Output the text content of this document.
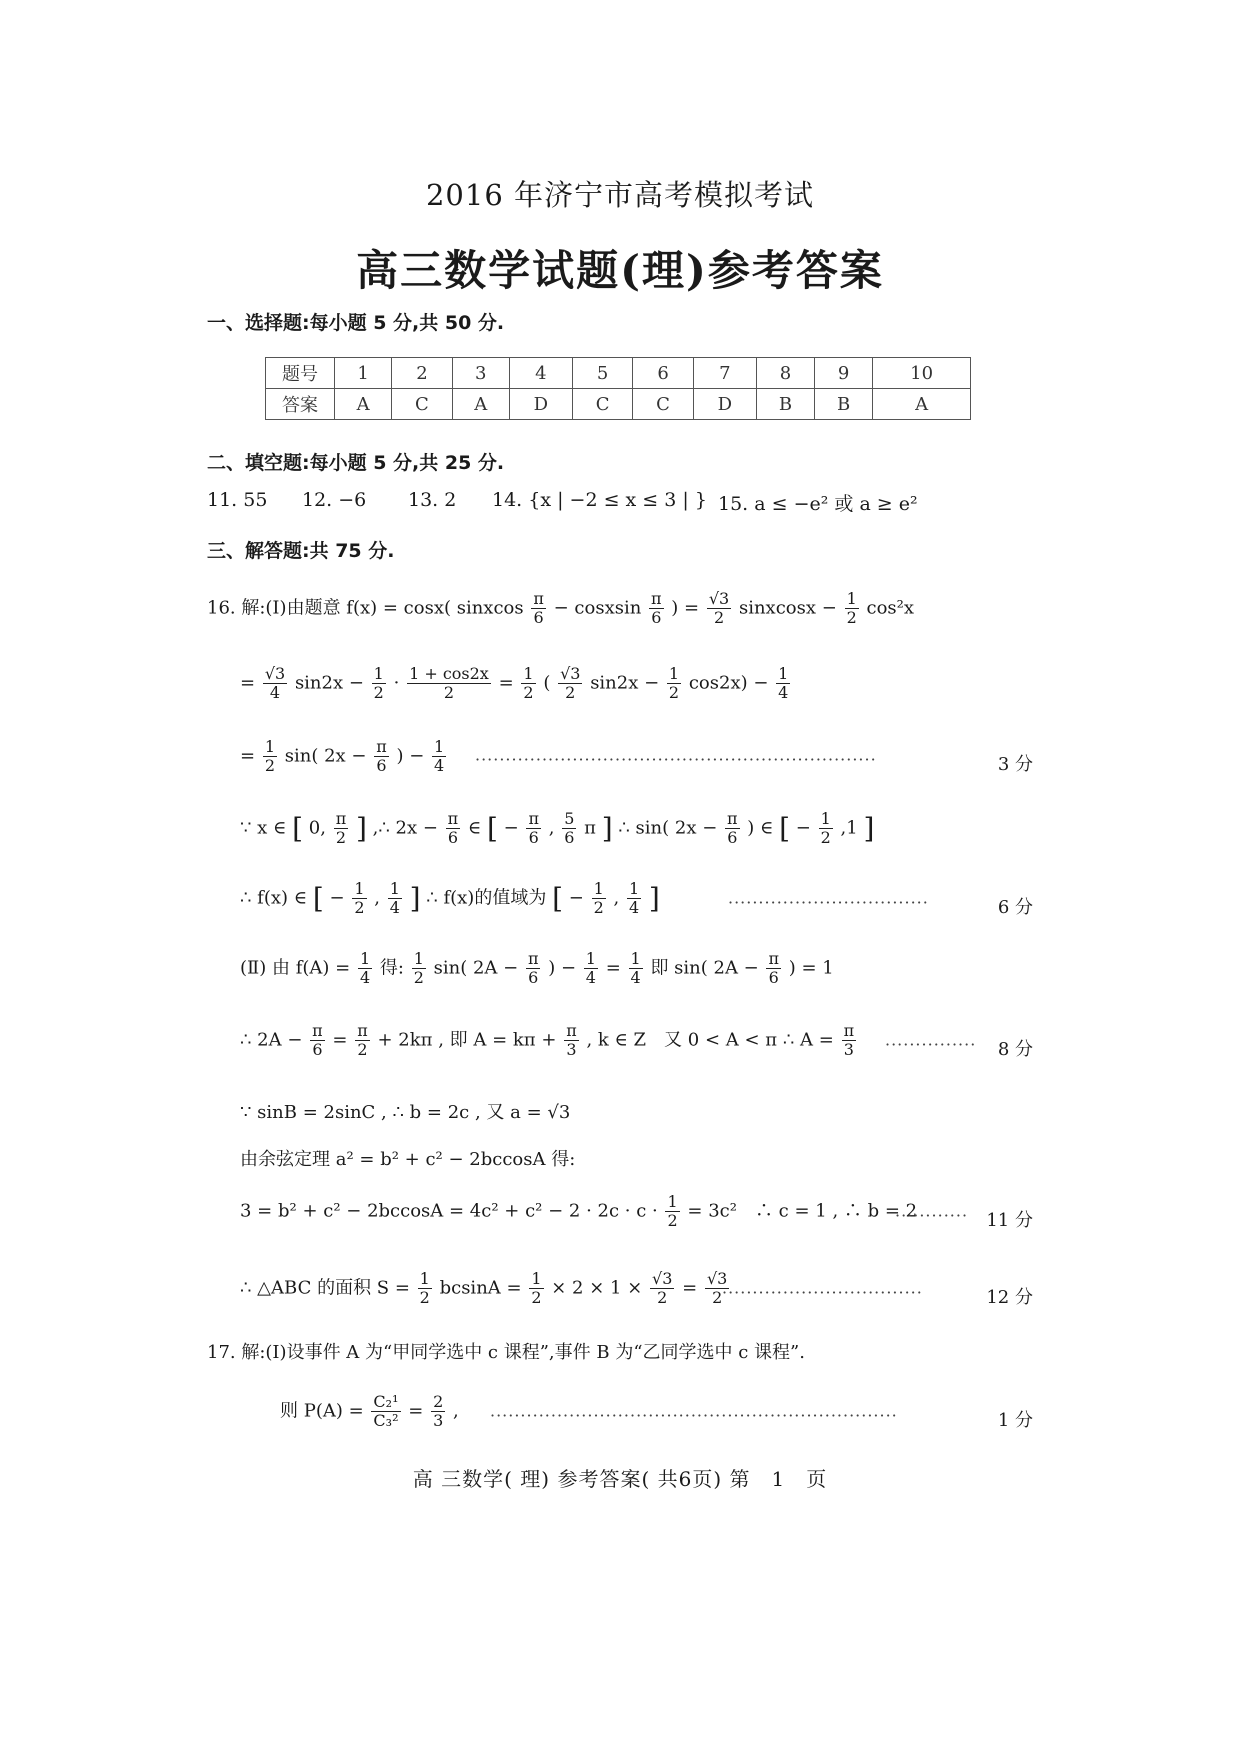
2016 年济宁市高考模拟考试
高三数学试题(理)参考答案
一、选择题:每小题 5 分,共 50 分.
题号	1	2	3	4	5	6	7	8	9	10
答案	A	C	A	D	C	C	D	B	B	A
二、填空题:每小题 5 分,共 25 分.
11. 55 12. −6 13. 2 14. {x | −2 ≤ x ≤ 3 | } 15. a ≤ −e² 或 a ≥ e²
三、解答题:共 75 分.
16. 解:(Ⅰ)由题意 f(x) = cosx( sinxcos $\frac{\pi}{6}$ − cosxsin $\frac{\pi}{6}$ ) = $\frac{√3}{2}$ sinxcosx − $\frac{1}{2} \cos^2x$
= $\frac{√3}{4} \sin 2x - \frac{1}{2} \cdot \frac{1 + \cos 2x}{2} = \frac{1}{2}$ ( $\frac{√3}{2} \sin 2x - \frac{1}{2} \cos 2x) - \frac{1}{4}$
= $\frac{1}{2} \sin$( $2x - \frac{\pi}{6}$ ) − $\frac{1}{4}$ ··································································	3 分
∵ x ∈ [ 0, $\frac{\pi}{2}$ ] ,∴ $2x - \frac{\pi}{6}$ ∈ [ − $\frac{\pi}{6}$ , $\frac{5}{6}$ π ] ∴ sin( $2x - \frac{\pi}{6}$ ) ∈ [ − $\frac{1}{2} ,1$ ]
∴ f(x) ∈ [ − $\frac{1}{2}$ , $\frac{1}{4}$ ] ∴ f(x)的值域为 [ − $\frac{1}{2}$ , $\frac{1}{4}$ ]	·································	6 分
(Ⅱ) 由 $f(A) = \frac{1}{4}$ 得: $\frac{1}{2} \sin$( $2A - \frac{\pi}{6}$ ) − $\frac{1}{4} = \frac{1}{4}$ 即 sin( $2A - \frac{\pi}{6}$ ) = 1
∴ $2A - \frac{\pi}{6} = \frac{\pi}{2} + 2k\pi$ , 即 $A = k\pi + \frac{\pi}{3}$ , k ∈ Z　又 0 < A < π ∴ $A = \frac{\pi}{3}$ ··············· 8 分
∵ sinB = 2sinC , ∴ b = 2c , 又 a = √3
由余弦定理 a² = b² + c² − 2bccosA 得:
$3 = b^2 + c^2 - 2bccosA = 4c^2 + c^2 - 2 \cdot 2c \cdot c \cdot \frac{1}{2} = 3c^2$　∴ c = 1 , ∴ b = 2
············ 11 分
∴ △ABC 的面积 $S = \frac{1}{2}$ $bcsinA = \frac{1}{2} \times 2 \times 1 \times \frac{√3}{2} = \frac{√3}{2}$
·································	12 分
17. 解:(Ⅰ)设事件 A 为“甲同学选中 c 课程”,事件 B 为“乙同学选中 c 课程”.
则 $P(A) = \frac{\text{C₂¹}}{\text{C₃²}} = \frac{2}{3}$ , ···································································	1 分
高 三数学( 理) 参考答案( 共6页) 第　1　页
